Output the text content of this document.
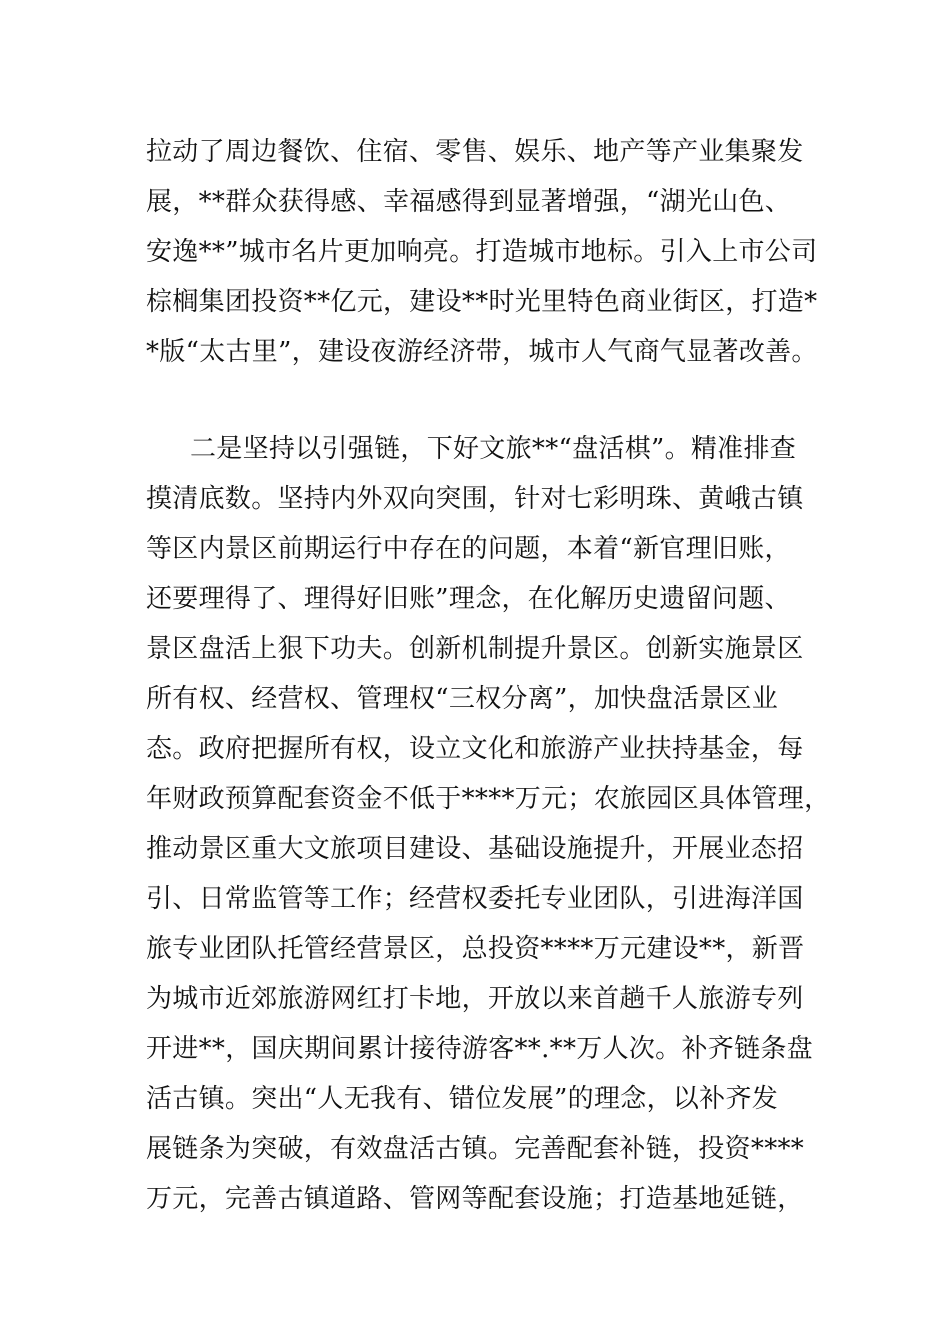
拉动了周边餐饮、住宿、零售、娱乐、地产等产业集聚发
展，**群众获得感、幸福感得到显著增强，“湖光山色、
安逸**”城市名片更加响亮。打造城市地标。引入上市公司
棕榈集团投资**亿元，建设**时光里特色商业街区，打造*
*版“太古里”，建设夜游经济带，城市人气商气显著改善。
二是坚持以引强链，下好文旅**“盘活棋”。精准排查
摸清底数。坚持内外双向突围，针对七彩明珠、黄峨古镇
等区内景区前期运行中存在的问题，本着“新官理旧账，
还要理得了、理得好旧账”理念，在化解历史遗留问题、
景区盘活上狠下功夫。创新机制提升景区。创新实施景区
所有权、经营权、管理权“三权分离”，加快盘活景区业
态。政府把握所有权，设立文化和旅游产业扶持基金，每
年财政预算配套资金不低于****万元；农旅园区具体管理，
推动景区重大文旅项目建设、基础设施提升，开展业态招
引、日常监管等工作；经营权委托专业团队，引进海洋国
旅专业团队托管经营景区，总投资****万元建设**，新晋
为城市近郊旅游网红打卡地，开放以来首趟千人旅游专列
开进**，国庆期间累计接待游客**.**万人次。补齐链条盘
活古镇。突出“人无我有、错位发展”的理念，以补齐发
展链条为突破，有效盘活古镇。完善配套补链，投资****
万元，完善古镇道路、管网等配套设施；打造基地延链，
